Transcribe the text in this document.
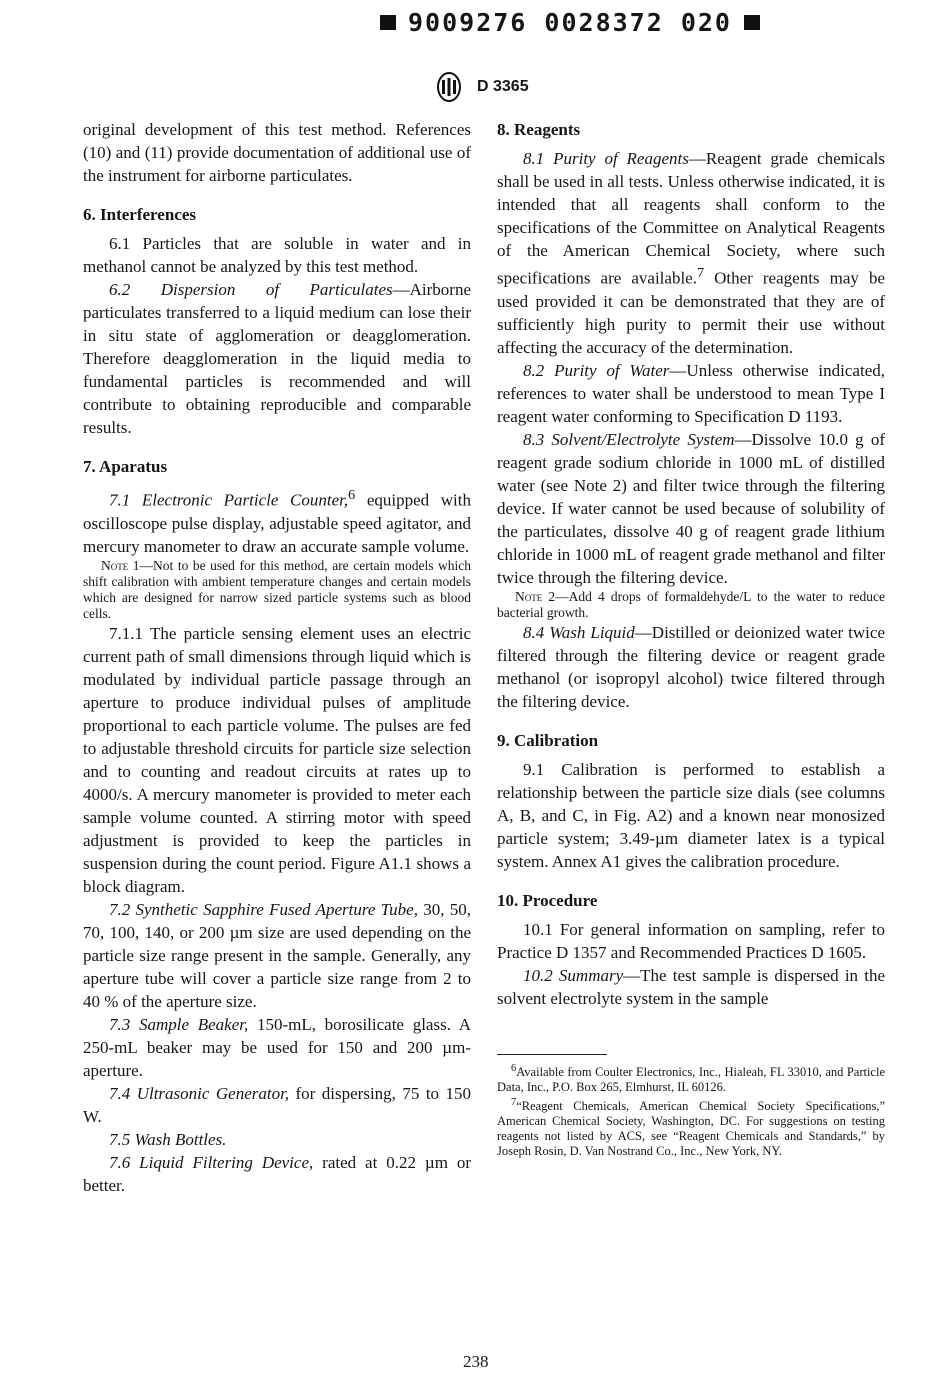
9009276 0028372 020
D 3365

original development of this test method. References (10) and (11) provide documentation of additional use of the instrument for airborne particulates.

6. Interferences

6.1 Particles that are soluble in water and in methanol cannot be analyzed by this test method.

6.2 Dispersion of Particulates—Airborne particulates transferred to a liquid medium can lose their in situ state of agglomeration or deagglomeration. Therefore deagglomeration in the liquid media to fundamental particles is recommended and will contribute to obtaining reproducible and comparable results.

7. Aparatus

7.1 Electronic Particle Counter,$^6$ equipped with oscilloscope pulse display, adjustable speed agitator, and mercury manometer to draw an accurate sample volume.

Note 1—Not to be used for this method, are certain models which shift calibration with ambient temperature changes and certain models which are designed for narrow sized particle systems such as blood cells.

7.1.1 The particle sensing element uses an electric current path of small dimensions through liquid which is modulated by individual particle passage through an aperture to produce individual pulses of amplitude proportional to each particle volume. The pulses are fed to adjustable threshold circuits for particle size selection and to counting and readout circuits at rates up to 4000/s. A mercury manometer is provided to meter each sample volume counted. A stirring motor with speed adjustment is provided to keep the particles in suspension during the count period. Figure A1.1 shows a block diagram.

7.2 Synthetic Sapphire Fused Aperture Tube, 30, 50, 70, 100, 140, or 200 µm size are used depending on the particle size range present in the sample. Generally, any aperture tube will cover a particle size range from 2 to 40 % of the aperture size.

7.3 Sample Beaker, 150-mL, borosilicate glass. A 250-mL beaker may be used for 150 and 200 µm-aperture.

7.4 Ultrasonic Generator, for dispersing, 75 to 150 W.

7.5 Wash Bottles.

7.6 Liquid Filtering Device, rated at 0.22 µm or better.

8. Reagents

8.1 Purity of Reagents—Reagent grade chemicals shall be used in all tests. Unless otherwise indicated, it is intended that all reagents shall conform to the specifications of the Committee on Analytical Reagents of the American Chemical Society, where such specifications are available.$^7$ Other reagents may be used provided it can be demonstrated that they are of sufficiently high purity to permit their use without affecting the accuracy of the determination.

8.2 Purity of Water—Unless otherwise indicated, references to water shall be understood to mean Type I reagent water conforming to Specification D 1193.

8.3 Solvent/Electrolyte System—Dissolve 10.0 g of reagent grade sodium chloride in 1000 mL of distilled water (see Note 2) and filter twice through the filtering device. If water cannot be used because of solubility of the particulates, dissolve 40 g of reagent grade lithium chloride in 1000 mL of reagent grade methanol and filter twice through the filtering device.

Note 2—Add 4 drops of formaldehyde/L to the water to reduce bacterial growth.

8.4 Wash Liquid—Distilled or deionized water twice filtered through the filtering device or reagent grade methanol (or isopropyl alcohol) twice filtered through the filtering device.

9. Calibration

9.1 Calibration is performed to establish a relationship between the particle size dials (see columns A, B, and C, in Fig. A2) and a known near monosized particle system; 3.49-µm diameter latex is a typical system. Annex A1 gives the calibration procedure.

10. Procedure

10.1 For general information on sampling, refer to Practice D 1357 and Recommended Practices D 1605.

10.2 Summary—The test sample is dispersed in the solvent electrolyte system in the sample

$^6$Available from Coulter Electronics, Inc., Hialeah, FL 33010, and Particle Data, Inc., P.O. Box 265, Elmhurst, IL 60126.

$^7$“Reagent Chemicals, American Chemical Society Specifications,” American Chemical Society, Washington, DC. For suggestions on testing reagents not listed by ACS, see “Reagent Chemicals and Standards,” by Joseph Rosin, D. Van Nostrand Co., Inc., New York, NY.

238
